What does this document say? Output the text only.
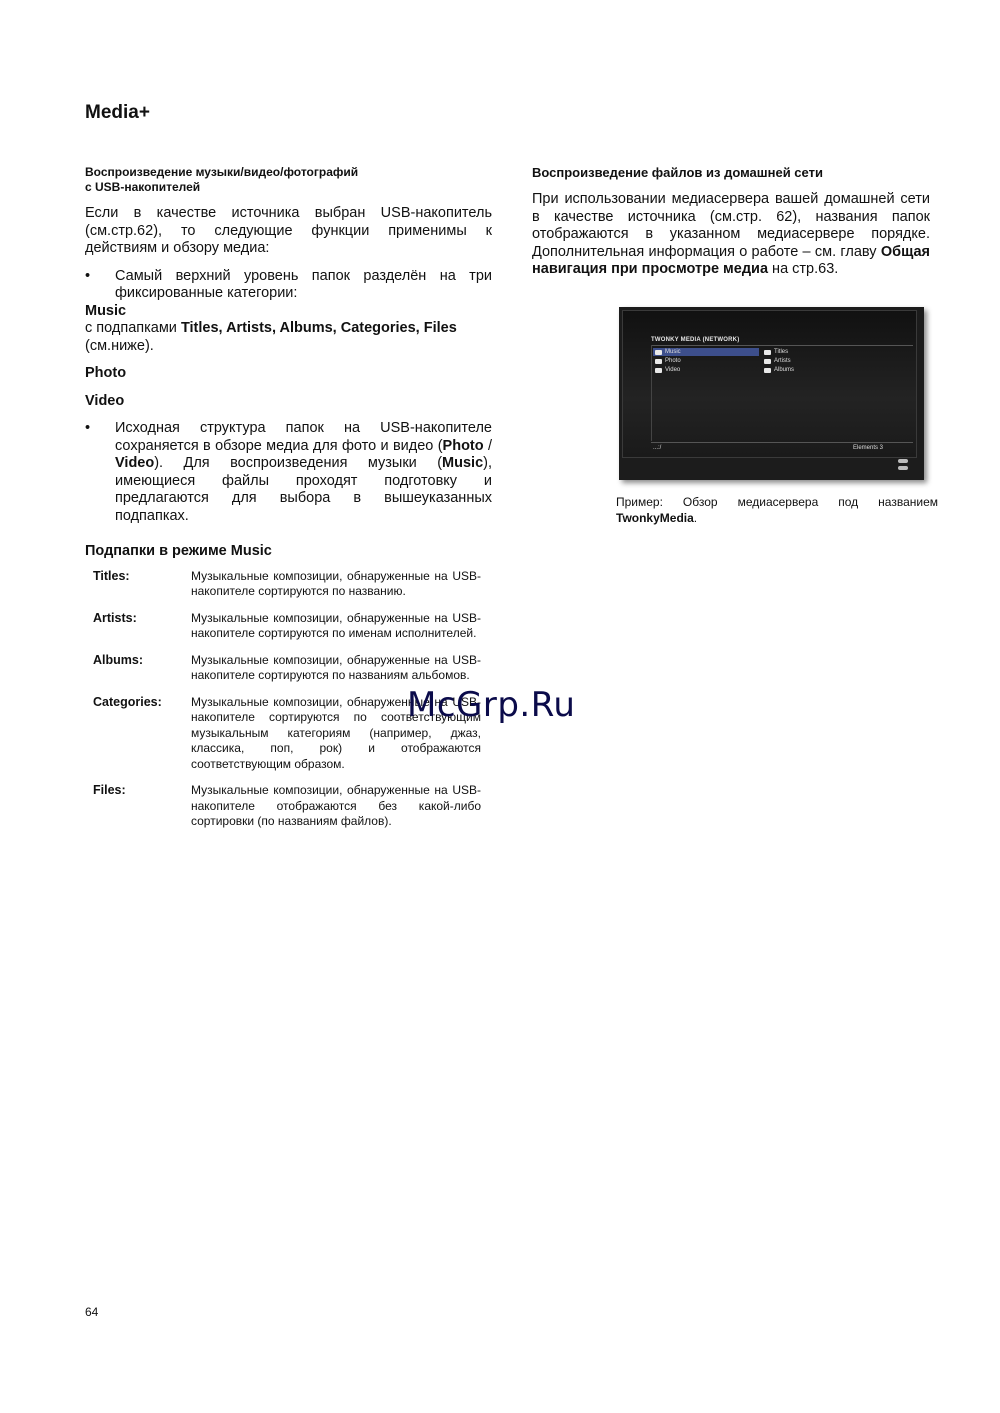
Media+

Воспроизведение музыки/видео/фотографий
с USB-накопителей

Если в качестве источника выбран USB-накопитель (см.стр.62), то следующие функции применимы к действиям и обзору медиа:

•	Самый верхний уровень папок разделён на три фиксированные категории:
Music
с подпапками Titles, Artists, Albums, Categories, Files
(см.ниже).
Photo
Video
•	Исходная структура папок на USB-накопителе сохраняется в обзоре медиа для фото и видео (Photo / Video). Для воспроизведения музыки (Music), имеющиеся файлы проходят подготовку и предлагаются для выбора в вышеуказанных подпапках.
Подпапки в режиме Music
Titles:	Музыкальные композиции, обнаруженные на USB-накопителе сортируются по названию.
Artists:	Музыкальные композиции, обнаруженные на USB-накопителе сортируются по именам исполнителей.
Albums:	Музыкальные композиции, обнаруженные на USB-накопителе сортируются по названиям альбомов.
Categories:	Музыкальные композиции, обнаруженные на USB-накопителе сортируются по соответствующим музыкальным категориям (например, джаз, классика, поп, рок) и отображаются соответствующим образом.
Files:	Музыкальные композиции, обнаруженные на USB-накопителе отображаются без какой-либо сортировки (по названиям файлов).

Воспроизведение файлов из домашней сети

При использовании медиасервера вашей домашней сети в качестве источника (см.стр. 62), названия папок отображаются в указанном медиасервере порядке. Дополнительная информация о работе – см. главу Общая навигация при просмотре медиа на стр.63.

TWONKY MEDIA (NETWORK)
Music
Photo
Video
Titles
Artists
Albums
...:/	Elements 3
Пример: Обзор медиасервера под названием TwonkyMedia.
McGrp.Ru
64
